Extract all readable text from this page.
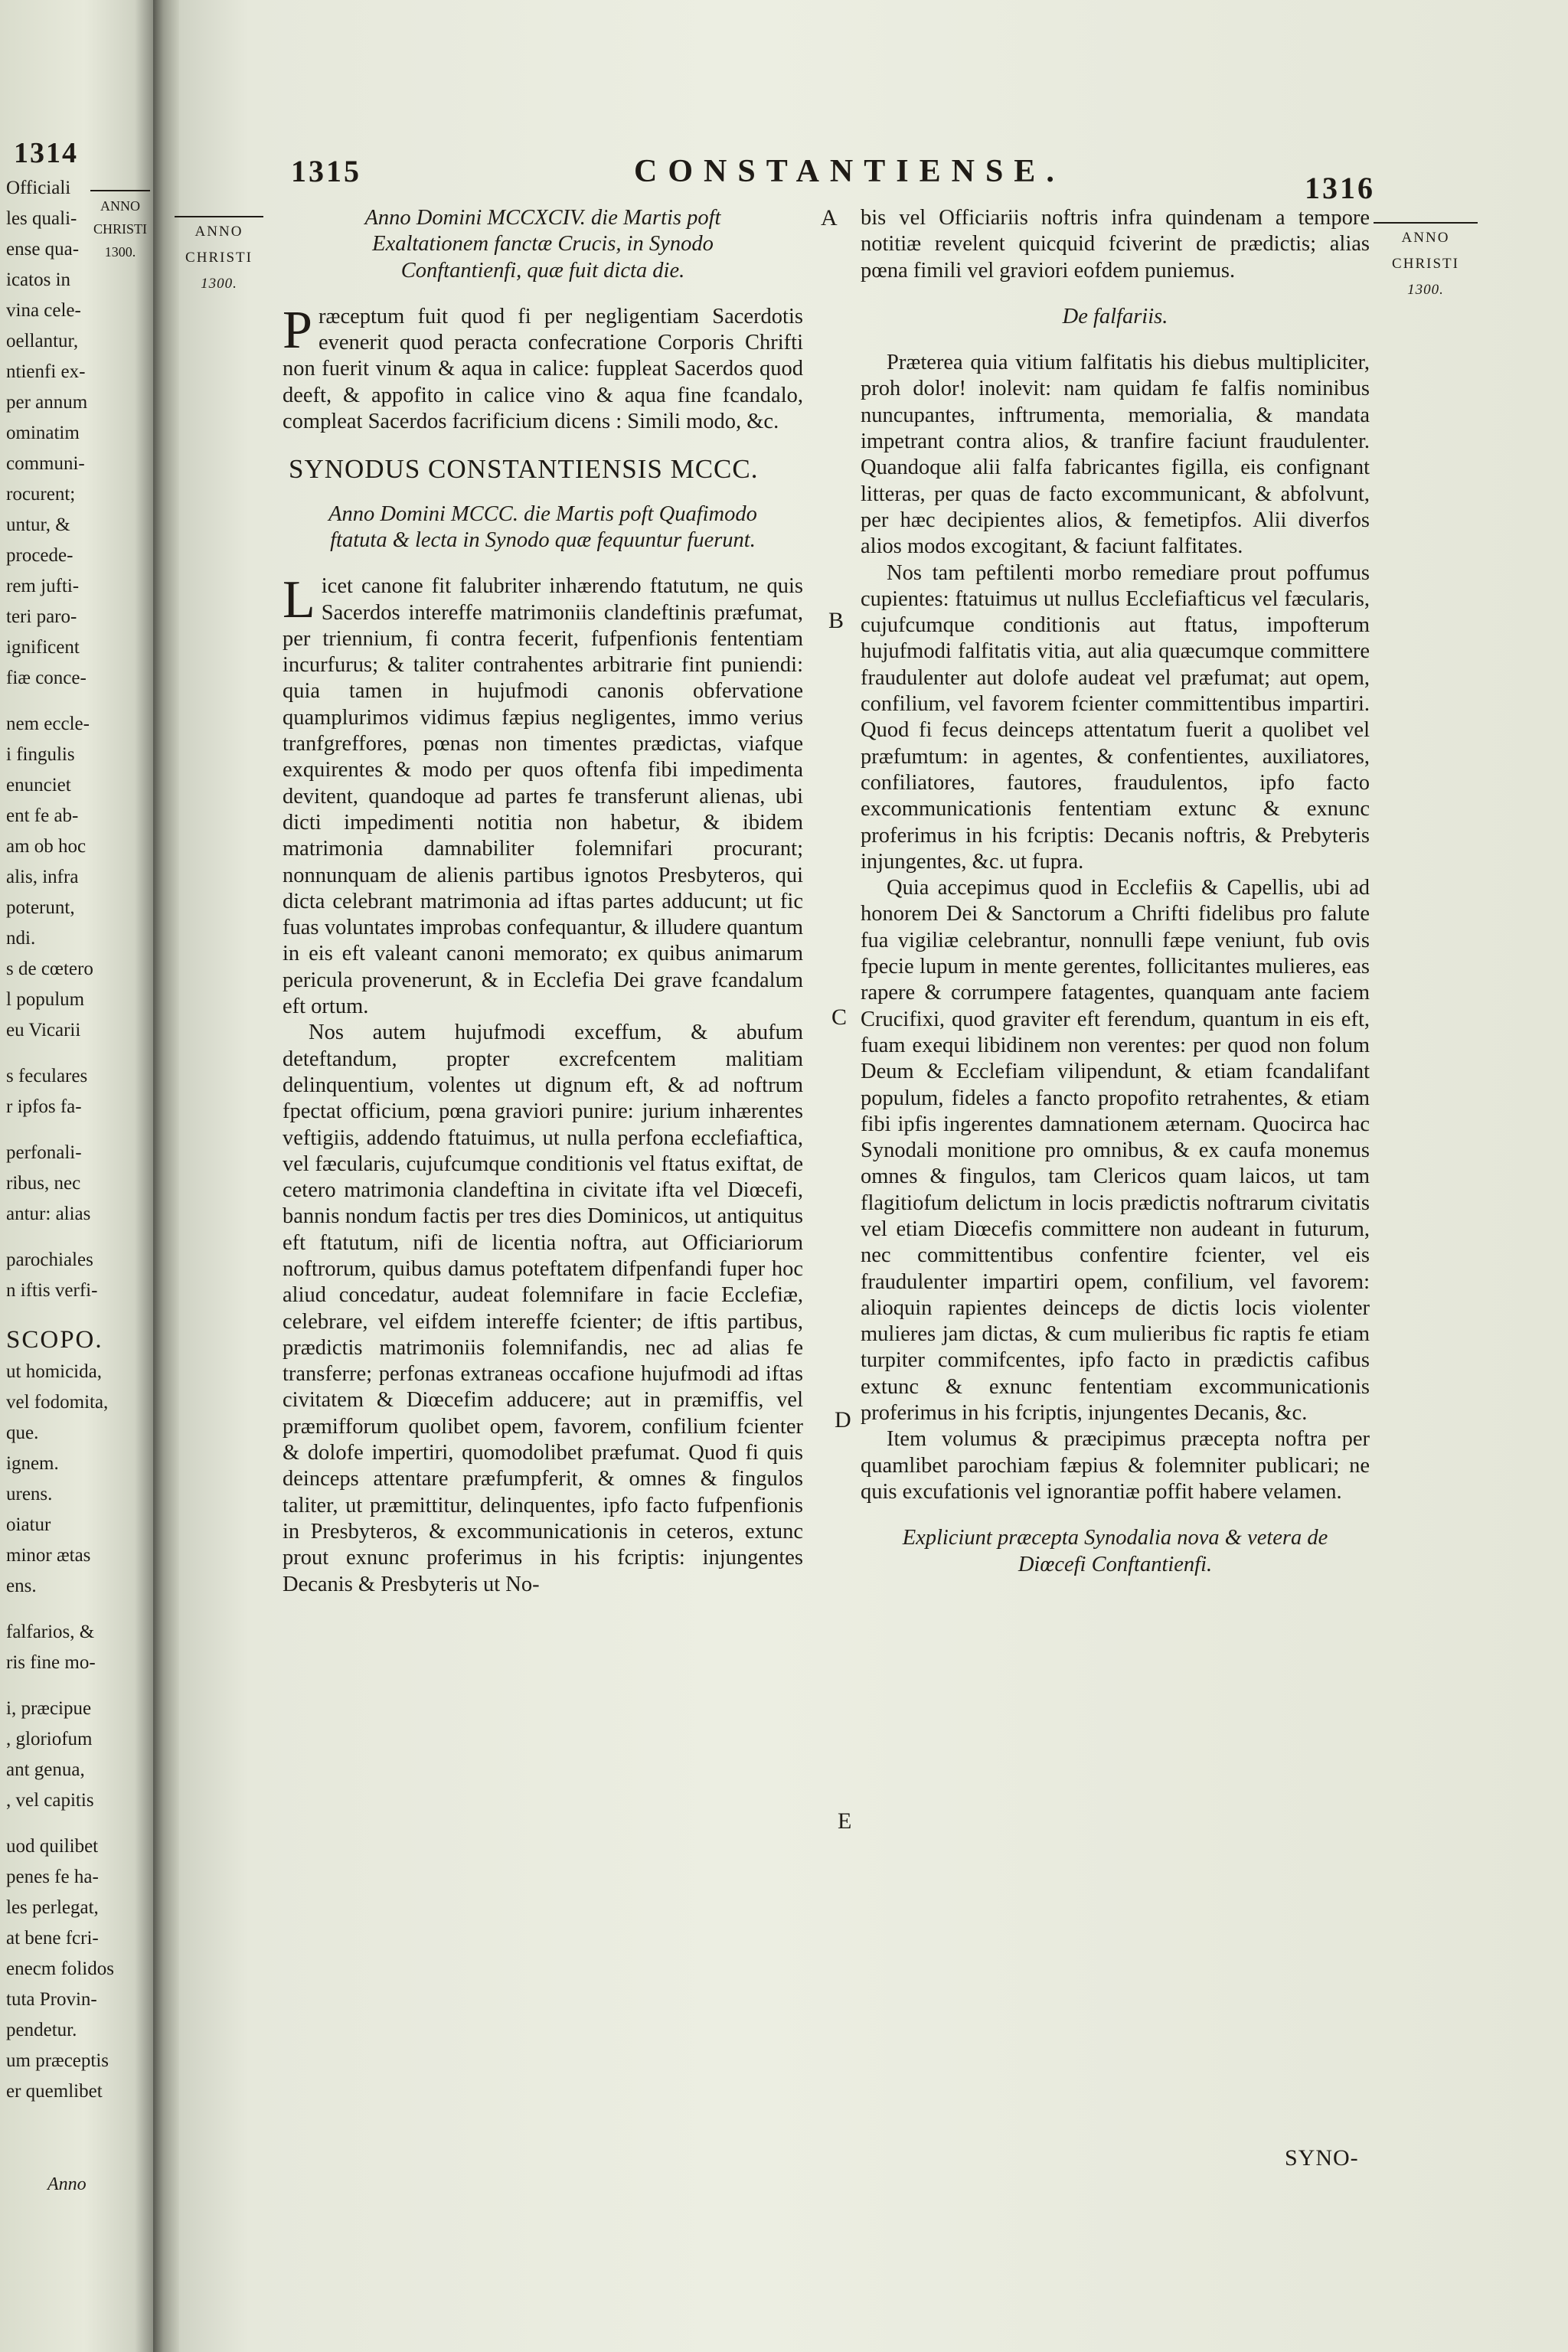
1314
ANNO
CHRISTI
1300.
Officiali
les quali-
ense qua-
icatos in
vina cele-
oellantur,
ntienfi ex-
per annum
ominatim
communi-
rocurent;
untur, &
procede-
rem jufti-
teri paro-
ignificent
fiæ conce-
nem eccle-
i fingulis
enunciet
ent fe ab-
am ob hoc
alis, infra
poterunt,
ndi.
s de cœtero
l populum
eu Vicarii
s feculares
r ipfos fa-
perfonali-
ribus, nec
antur: alias
parochiales
n iftis verfi-
SCOPO.
ut homicida,
vel fodomita,
que.
ignem.
urens.
oiatur
minor ætas
ens.
falfarios, &
ris fine mo-
i, præcipue
, gloriofum
ant genua,
, vel capitis
uod quilibet
penes fe ha-
les perlegat,
at bene fcri-
enecm folidos
tuta Provin-
pendetur.
um præceptis
er quemlibet
Anno
1315	CONSTANTIENSE.	1316
ANNO
CHRISTI
1300.
ANNO
CHRISTI
1300.
A
B
C
D
E

Anno Domini MCCXCIV. die Martis poft Exaltationem fanctæ Crucis, in Synodo Conftantienfi, quæ fuit dicta die.

Præceptum fuit quod fi per negligentiam Sacerdotis evenerit quod peracta confecratione Corporis Chrifti non fuerit vinum & aqua in calice: fuppleat Sacerdos quod deeft, & appofito in calice vino & aqua fine fcandalo, compleat Sacerdos facrificium dicens : Simili modo, &c.

SYNODUS CONSTANTIENSIS MCCC.

Anno Domini MCCC. die Martis poft Quafimodo ftatuta & lecta in Synodo quæ fequuntur fuerunt.

Licet canone fit falubriter inhærendo ftatutum, ne quis Sacerdos intereffe matrimoniis clandeftinis præfumat, per triennium, fi contra fecerit, fufpenfionis fententiam incurfurus; & taliter contrahentes arbitrarie fint puniendi: quia tamen in hujufmodi canonis obfervatione quamplurimos vidimus fæpius negligentes, immo verius tranfgreffores, pœnas non timentes prædictas, viafque exquirentes & modo per quos oftenfa fibi impedimenta devitent, quandoque ad partes fe transferunt alienas, ubi dicti impedimenti notitia non habetur, & ibidem matrimonia damnabiliter folemnifari procurant; nonnunquam de alienis partibus ignotos Presbyteros, qui dicta celebrant matrimonia ad iftas partes adducunt; ut fic fuas voluntates improbas confequantur, & illudere quantum in eis eft valeant canoni memorato; ex quibus animarum pericula provenerunt, & in Ecclefia Dei grave fcandalum eft ortum.

Nos autem hujufmodi exceffum, & abufum deteftandum, propter excrefcentem malitiam delinquentium, volentes ut dignum eft, & ad noftrum fpectat officium, pœna graviori punire: jurium inhærentes veftigiis, addendo ftatuimus, ut nulla perfona ecclefiaftica, vel fæcularis, cujufcumque conditionis vel ftatus exiftat, de cetero matrimonia clandeftina in civitate ifta vel Diœcefi, bannis nondum factis per tres dies Dominicos, ut antiquitus eft ftatutum, nifi de licentia noftra, aut Officiariorum noftrorum, quibus damus poteftatem difpenfandi fuper hoc aliud concedatur, audeat folemnifare in facie Ecclefiæ, celebrare, vel eifdem intereffe fcienter; de iftis partibus, prædictis matrimoniis folemnifandis, nec ad alias fe transferre; perfonas extraneas occafione hujufmodi ad iftas civitatem & Diœcefim adducere; aut in præmiffis, vel præmifforum quolibet opem, favorem, confilium fcienter & dolofe impertiri, quomodolibet præfumat. Quod fi quis deinceps attentare præfumpferit, & omnes & fingulos taliter, ut præmittitur, delinquentes, ipfo facto fufpenfionis in Presbyteros, & excommunicationis in ceteros, extunc prout exnunc proferimus in his fcriptis: injungentes Decanis & Presbyteris ut No-

bis vel Officiariis noftris infra quindenam a tempore notitiæ revelent quicquid fciverint de prædictis; alias pœna fimili vel graviori eofdem puniemus.

De falfariis.

Præterea quia vitium falfitatis his diebus multipliciter, proh dolor! inolevit: nam quidam fe falfis nominibus nuncupantes, inftrumenta, memorialia, & mandata impetrant contra alios, & tranfire faciunt fraudulenter. Quandoque alii falfa fabricantes figilla, eis confignant litteras, per quas de facto excommunicant, & abfolvunt, per hæc decipientes alios, & femetipfos. Alii diverfos alios modos excogitant, & faciunt falfitates.

Nos tam peftilenti morbo remediare prout poffumus cupientes: ftatuimus ut nullus Ecclefiafticus vel fæcularis, cujufcumque conditionis aut ftatus, impofterum hujufmodi falfitatis vitia, aut alia quæcumque committere fraudulenter aut dolofe audeat vel præfumat; aut opem, confilium, vel favorem fcienter committentibus impartiri. Quod fi fecus deinceps attentatum fuerit a quolibet vel præfumtum: in agentes, & confentientes, auxiliatores, confiliatores, fautores, fraudulentos, ipfo facto excommunicationis fententiam extunc & exnunc proferimus in his fcriptis: Decanis noftris, & Prebyteris injungentes, &c. ut fupra.

Quia accepimus quod in Ecclefiis & Capellis, ubi ad honorem Dei & Sanctorum a Chrifti fidelibus pro falute fua vigiliæ celebrantur, nonnulli fæpe veniunt, fub ovis fpecie lupum in mente gerentes, follicitantes mulieres, eas rapere & corrumpere fatagentes, quanquam ante faciem Crucifixi, quod graviter eft ferendum, quantum in eis eft, fuam exequi libidinem non verentes: per quod non folum Deum & Ecclefiam vilipendunt, & etiam fcandalifant populum, fideles a fancto propofito retrahentes, & etiam fibi ipfis ingerentes damnationem æternam. Quocirca hac Synodali monitione pro omnibus, & ex caufa monemus omnes & fingulos, tam Clericos quam laicos, ut tam flagitiofum delictum in locis prædictis noftrarum civitatis vel etiam Diœcefis committere non audeant in futurum, nec committentibus confentire fcienter, vel eis fraudulenter impartiri opem, confilium, vel favorem: alioquin rapientes deinceps de dictis locis violenter mulieres jam dictas, & cum mulieribus fic raptis fe etiam turpiter commifcentes, ipfo facto in prædictis cafibus extunc & exnunc fententiam excommunicationis proferimus in his fcriptis, injungentes Decanis, &c.

Item volumus & præcipimus præcepta noftra per quamlibet parochiam fæpius & folemniter publicari; ne quis excufationis vel ignorantiæ poffit habere velamen.

Expliciunt præcepta Synodalia nova & vetera de Diœcefi Conftantienfi.

SYNO-
